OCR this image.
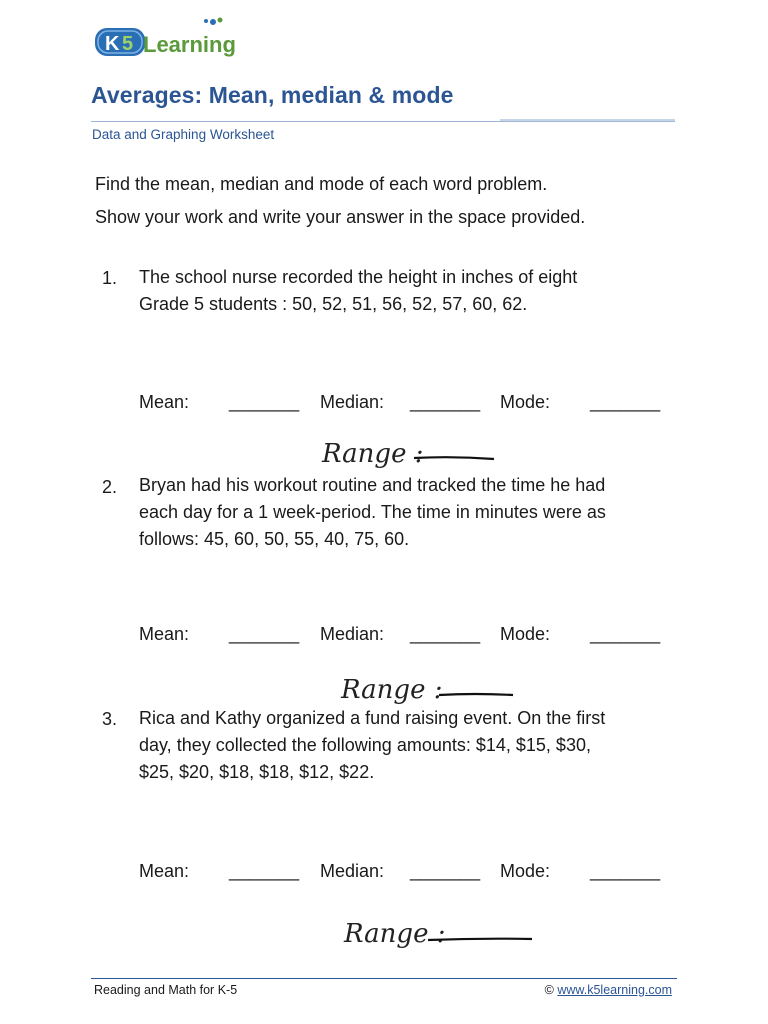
K 5 Learning
Averages: Mean, median & mode
Data and Graphing Worksheet
Find the mean, median and mode of each word problem.
Show your work and write your answer in the space provided.
1. The school nurse recorded the height in inches of eight
Grade 5 students : 50, 52, 51, 56, 52, 57, 60, 62.
Mean: _______ Median: _______ Mode: _______
Range :
2. Bryan had his workout routine and tracked the time he had
each day for a 1 week-period. The time in minutes were as
follows: 45, 60, 50, 55, 40, 75, 60.
Mean: _______ Median: _______ Mode: _______
Range :
3. Rica and Kathy organized a fund raising event. On the first
day, they collected the following amounts: $14, $15, $30,
$25, $20, $18, $18, $12, $22.
Mean: _______ Median: _______ Mode: _______
Range :
Reading and Math for K-5	© www.k5learning.com
